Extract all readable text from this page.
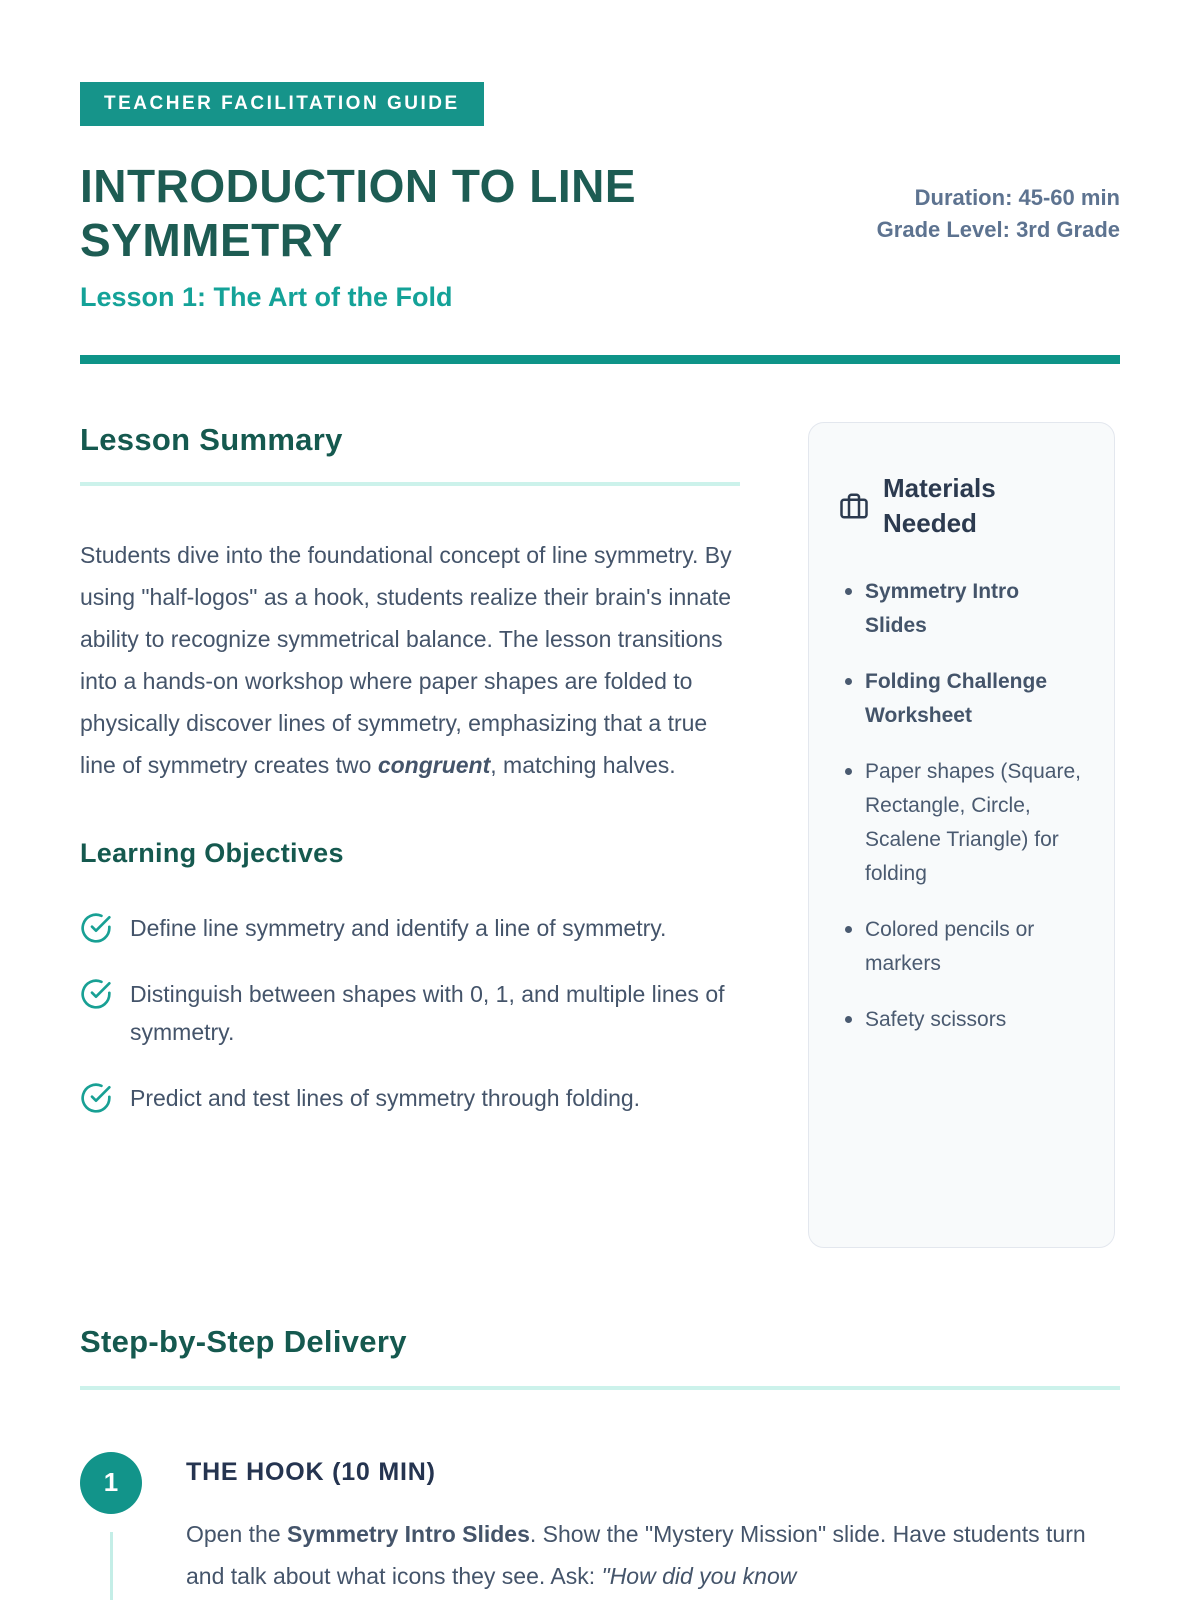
TEACHER FACILITATION GUIDE
INTRODUCTION TO LINE SYMMETRY
Lesson 1: The Art of the Fold
Duration: 45-60 min
Grade Level: 3rd Grade
Lesson Summary

Students dive into the foundational concept of line symmetry. By using "half-logos" as a hook, students realize their brain's innate ability to recognize symmetrical balance. The lesson transitions into a hands-on workshop where paper shapes are folded to physically discover lines of symmetry, emphasizing that a true line of symmetry creates two congruent, matching halves.

Learning Objectives
Define line symmetry and identify a line of symmetry.
Distinguish between shapes with 0, 1, and multiple lines of symmetry.
Predict and test lines of symmetry through folding.
Materials Needed
Symmetry Intro Slides
Folding Challenge Worksheet
Paper shapes (Square, Rectangle, Circle, Scalene Triangle) for folding
Colored pencils or markers
Safety scissors
Step-by-Step Delivery
1	THE HOOK (10 MIN)

Open the Symmetry Intro Slides. Show the "Mystery Mission" slide. Have students turn and talk about what icons they see. Ask: "How did you know
